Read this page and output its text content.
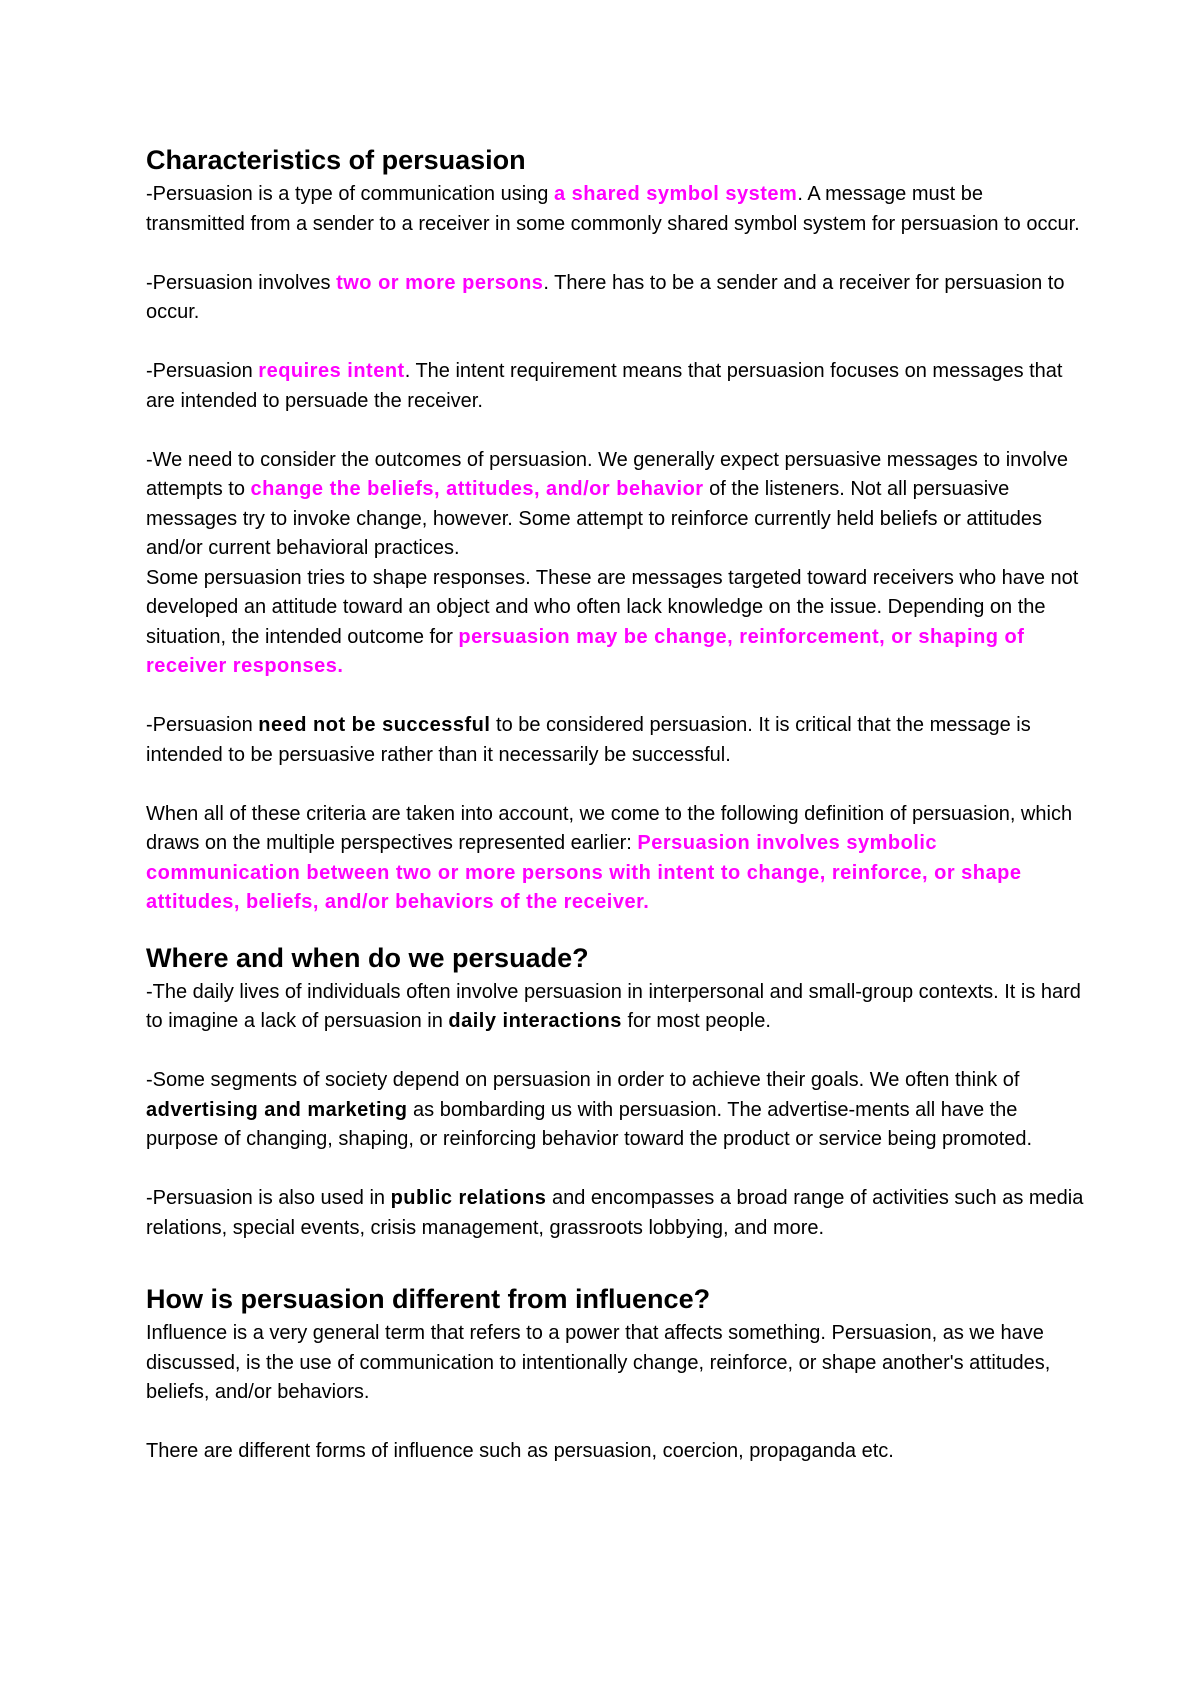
Characteristics of persuasion

-Persuasion is a type of communication using a shared symbol system. A message must be transmitted from a sender to a receiver in some commonly shared symbol system for persuasion to occur.

-Persuasion involves two or more persons. There has to be a sender and a receiver for persuasion to occur.

-Persuasion requires intent. The intent requirement means that persuasion focuses on messages that are intended to persuade the receiver.

-We need to consider the outcomes of persuasion. We generally expect persuasive messages to involve attempts to change the beliefs, attitudes, and/or behavior of the listeners. Not all persuasive messages try to invoke change, however. Some attempt to reinforce currently held beliefs or attitudes and/or current behavioral practices.

Some persuasion tries to shape responses. These are messages targeted toward receivers who have not developed an attitude toward an object and who often lack knowledge on the issue. Depending on the situation, the intended outcome for persuasion may be change, reinforcement, or shaping of receiver responses.

-Persuasion need not be successful to be considered persuasion. It is critical that the message is intended to be persuasive rather than it necessarily be successful.

When all of these criteria are taken into account, we come to the following definition of persuasion, which draws on the multiple perspectives represented earlier: Persuasion involves symbolic communication between two or more persons with intent to change, reinforce, or shape attitudes, beliefs, and/or behaviors of the receiver.

Where and when do we persuade?

-The daily lives of individuals often involve persuasion in interpersonal and small-group contexts. It is hard to imagine a lack of persuasion in daily interactions for most people.

-Some segments of society depend on persuasion in order to achieve their goals. We often think of advertising and marketing as bombarding us with persuasion. The advertise-ments all have the purpose of changing, shaping, or reinforcing behavior toward the product or service being promoted.

-Persuasion is also used in public relations and encompasses a broad range of activities such as media relations, special events, crisis management, grassroots lobbying, and more.

How is persuasion different from influence?

Influence is a very general term that refers to a power that affects something. Persuasion, as we have discussed, is the use of communication to intentionally change, reinforce, or shape another's attitudes, beliefs, and/or behaviors.

There are different forms of influence such as persuasion, coercion, propaganda etc.
